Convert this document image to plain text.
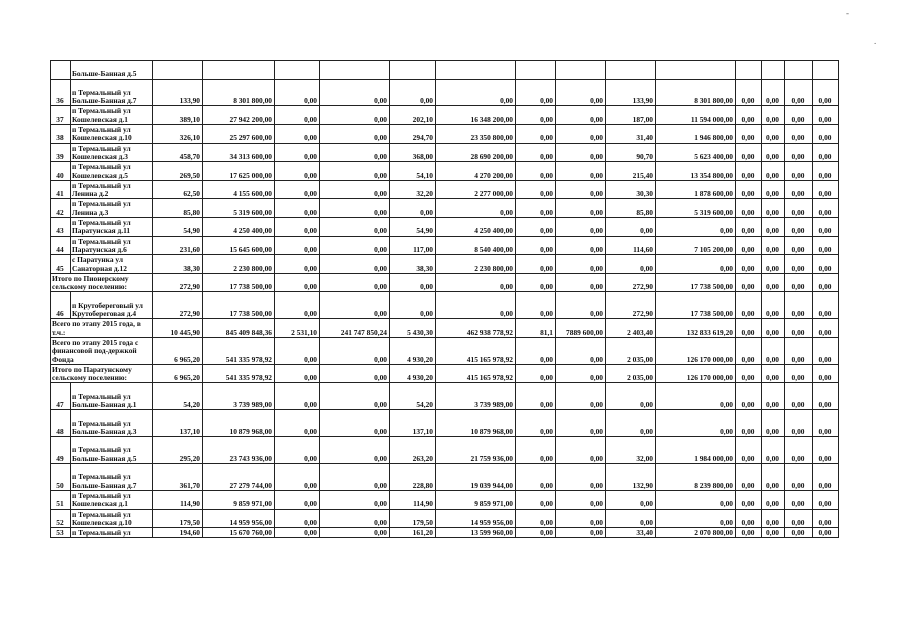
-
.
	Больше-Банная д.5														
36	п Термальный ул Больше-Банная д.7	133,90	8 301 800,00	0,00	0,00	0,00	0,00	0,00	0,00	133,90	8 301 800,00	0,00	0,00	0,00	0,00
37	п Термальный ул Кошелевская д.1	389,10	27 942 200,00	0,00	0,00	202,10	16 348 200,00	0,00	0,00	187,00	11 594 000,00	0,00	0,00	0,00	0,00
38	п Термальный ул Кошелевская д.10	326,10	25 297 600,00	0,00	0,00	294,70	23 350 800,00	0,00	0,00	31,40	1 946 800,00	0,00	0,00	0,00	0,00
39	п Термальный ул Кошелевская д.3	458,70	34 313 600,00	0,00	0,00	368,00	28 690 200,00	0,00	0,00	90,70	5 623 400,00	0,00	0,00	0,00	0,00
40	п Термальный ул Кошелевская д.5	269,50	17 625 000,00	0,00	0,00	54,10	4 270 200,00	0,00	0,00	215,40	13 354 800,00	0,00	0,00	0,00	0,00
41	п Термальный ул Ленина д.2	62,50	4 155 600,00	0,00	0,00	32,20	2 277 000,00	0,00	0,00	30,30	1 878 600,00	0,00	0,00	0,00	0,00
42	п Термальный ул Ленина д.3	85,80	5 319 600,00	0,00	0,00	0,00	0,00	0,00	0,00	85,80	5 319 600,00	0,00	0,00	0,00	0,00
43	п Термальный ул Паратунская д.11	54,90	4 250 400,00	0,00	0,00	54,90	4 250 400,00	0,00	0,00	0,00	0,00	0,00	0,00	0,00	0,00
44	п Термальный ул Паратунская д.6	231,60	15 645 600,00	0,00	0,00	117,00	8 540 400,00	0,00	0,00	114,60	7 105 200,00	0,00	0,00	0,00	0,00
45	с Паратунка ул Санаторная д.12	38,30	2 230 800,00	0,00	0,00	38,30	2 230 800,00	0,00	0,00	0,00	0,00	0,00	0,00	0,00	0,00
Итого по Пионерскому сельскому поселению:		272,90	17 738 500,00	0,00	0,00	0,00	0,00	0,00	0,00	272,90	17 738 500,00	0,00	0,00	0,00	0,00
46	п Крутобереговый ул Крутобереговая д.4	272,90	17 738 500,00	0,00	0,00	0,00	0,00	0,00	0,00	272,90	17 738 500,00	0,00	0,00	0,00	0,00
Всего по этапу 2015 года, в т.ч.:		10 445,90	845 409 848,36	2 531,10	241 747 850,24	5 430,30	462 938 778,92	81,1	7889 600,00	2 403,40	132 833 619,20	0,00	0,00	0,00	0,00
Всего по этапу 2015 года с финансовой под-держкой Фонда		6 965,20	541 335 978,92	0,00	0,00	4 930,20	415 165 978,92	0,00	0,00	2 035,00	126 170 000,00	0,00	0,00	0,00	0,00
Итого по Паратунскому сельскому поселению:		6 965,20	541 335 978,92	0,00	0,00	4 930,20	415 165 978,92	0,00	0,00	2 035,00	126 170 000,00	0,00	0,00	0,00	0,00
47	п Термальный ул Больше-Банная д.1	54,20	3 739 989,00	0,00	0,00	54,20	3 739 989,00	0,00	0,00	0,00	0,00	0,00	0,00	0,00	0,00
48	п Термальный ул Больше-Банная д.3	137,10	10 879 968,00	0,00	0,00	137,10	10 879 968,00	0,00	0,00	0,00	0,00	0,00	0,00	0,00	0,00
49	п Термальный ул Больше-Банная д.5	295,20	23 743 936,00	0,00	0,00	263,20	21 759 936,00	0,00	0,00	32,00	1 984 000,00	0,00	0,00	0,00	0,00
50	п Термальный ул Больше-Банная д.7	361,70	27 279 744,00	0,00	0,00	228,80	19 039 944,00	0,00	0,00	132,90	8 239 800,00	0,00	0,00	0,00	0,00
51	п Термальный ул Кошелевская д.1	114,90	9 859 971,00	0,00	0,00	114,90	9 859 971,00	0,00	0,00	0,00	0,00	0,00	0,00	0,00	0,00
52	п Термальный ул Кошелевская д.10	179,50	14 959 956,00	0,00	0,00	179,50	14 959 956,00	0,00	0,00	0,00	0,00	0,00	0,00	0,00	0,00
53	п Термальный ул	194,60	15 670 760,00	0,00	0,00	161,20	13 599 960,00	0,00	0,00	33,40	2 070 800,00	0,00	0,00	0,00	0,00
